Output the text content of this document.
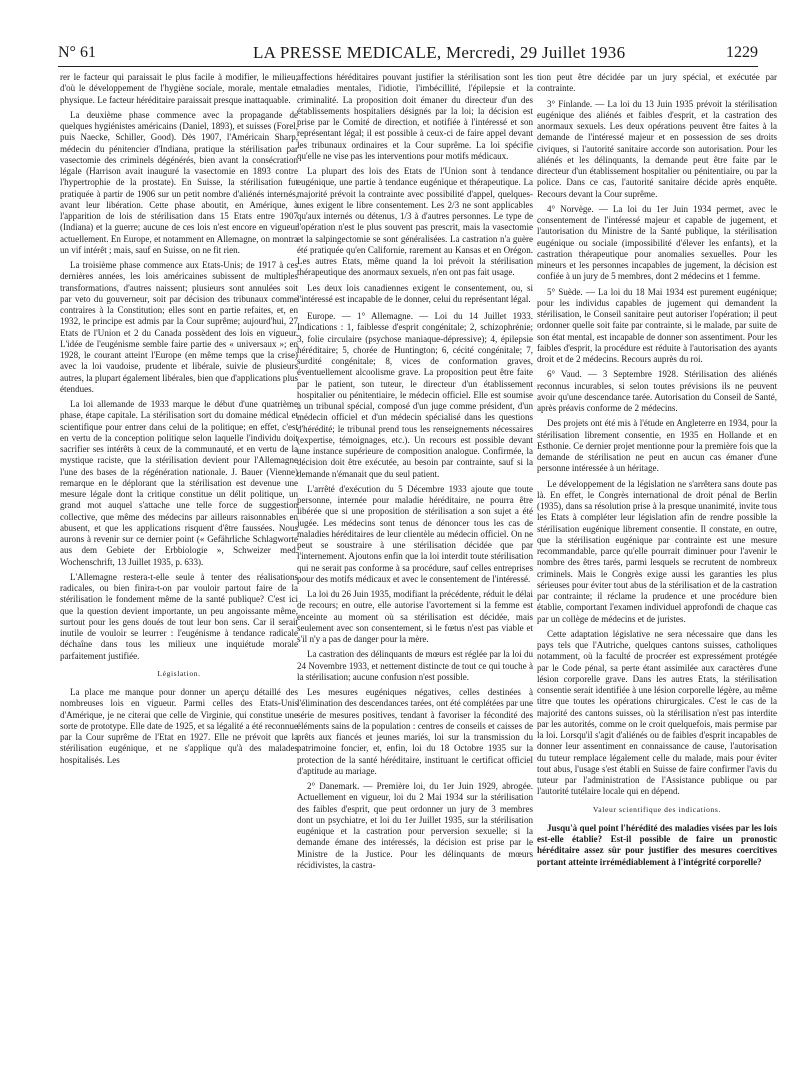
N° 61	LA PRESSE MEDICALE, Mercredi, 29 Juillet 1936	1229

rer le facteur qui paraissait le plus facile à modifier, le milieu; d'où le développement de l'hygiène sociale, morale, mentale et physique. Le facteur héréditaire paraissait presque inattaquable.

La deuxième phase commence avec la propagande de quelques hygiénistes américains (Daniel, 1893), et suisses (Forel, puis Naecke, Schiller, Good). Dès 1907, l'Américain Sharp, médecin du pénitencier d'Indiana, pratique la stérilisation par vasectomie des criminels dégénérés, bien avant la consécration légale (Harrison avait inauguré la vasectomie en 1893 contre l'hypertrophie de la prostate). En Suisse, la stérilisation fut pratiquée à partir de 1906 sur un petit nombre d'aliénés internés, avant leur libération. Cette phase aboutit, en Amérique, à l'apparition de lois de stérilisation dans 15 Etats entre 1907 (Indiana) et la guerre; aucune de ces lois n'est encore en vigueur actuellement. En Europe, et notamment en Allemagne, on montra un vif intérêt ; mais, sauf en Suisse, on ne fit rien.

La troisième phase commence aux Etats-Unis; de 1917 à ces dernières années, les lois américaines subissent de multiples transformations, d'autres naissent; plusieurs sont annulées soit par veto du gouverneur, soit par décision des tribunaux comme contraires à la Constitution; elles sont en partie refaites, et, en 1932, le principe est admis par la Cour suprême; aujourd'hui, 27 Etats de l'Union et 2 du Canada possèdent des lois en vigueur. L'idée de l'eugénisme semble faire partie des « universaux »; en 1928, le courant atteint l'Europe (en même temps que la crise) avec la loi vaudoise, prudente et libérale, suivie de plusieurs autres, la plupart également libérales, bien que d'applications plus étendues.

La loi allemande de 1933 marque le début d'une quatrième phase, étape capitale. La stérilisation sort du domaine médical et scientifique pour entrer dans celui de la politique; en effet, c'est en vertu de la conception politique selon laquelle l'individu doit sacrifier ses intérêts à ceux de la communauté, et en vertu de la mystique raciste, que la stérilisation devient pour l'Allemagne l'une des bases de la régénération nationale. J. Bauer (Vienne) remarque en le déplorant que la stérilisation est devenue une mesure légale dont la critique constitue un délit politique, un grand mot auquel s'attache une telle force de suggestion collective, que même des médecins par ailleurs raisonnables en abusent, et que les applications risquent d'être faussées. Nous aurons à revenir sur ce dernier point (« Gefährliche Schlagworte aus dem Gebiete der Erbbiologie », Schweizer med. Wochenschrift, 13 Juillet 1935, p. 633).

L'Allemagne restera-t-elle seule à tenter des réalisations radicales, ou bien finira-t-on par vouloir partout faire de la stérilisation le fondement même de la santé publique? C'est ici que la question devient importante, un peu angoissante même, surtout pour les gens doués de tout leur bon sens. Car il serait inutile de vouloir se leurrer : l'eugénisme à tendance radicale déchaîne dans tous les milieux une inquiétude morale parfaitement justifiée.

Législation.

La place me manque pour donner un aperçu détaillé des nombreuses lois en vigueur. Parmi celles des Etats-Unis d'Amérique, je ne citerai que celle de Virginie, qui constitue une sorte de prototype. Elle date de 1925, et sa légalité a été reconnue par la Cour suprême de l'Etat en 1927. Elle ne prévoit que la stérilisation eugénique, et ne s'applique qu'à des malades hospitalisés. Les

affections héréditaires pouvant justifier la stérilisation sont les maladies mentales, l'idiotie, l'imbécillité, l'épilepsie et la criminalité. La proposition doit émaner du directeur d'un des établissements hospitaliers désignés par la loi; la décision est prise par le Comité de direction, et notifiée à l'intéressé et son représentant légal; il est possible à ceux-ci de faire appel devant les tribunaux ordinaires et la Cour suprême. La loi spécifie qu'elle ne vise pas les interventions pour motifs médicaux.

La plupart des lois des Etats de l'Union sont à tendance eugénique, une partie à tendance eugénique et thérapeutique. La majorité prévoit la contrainte avec possibilité d'appel, quelques-unes exigent le libre consentement. Les 2/3 ne sont applicables qu'aux internés ou détenus, 1/3 à d'autres personnes. Le type de l'opération n'est le plus souvent pas prescrit, mais la vasectomie et la salpingectomie se sont généralisées. La castration n'a guère été pratiquée qu'en Californie, rarement au Kansas et en Orégon. Les autres Etats, même quand la loi prévoit la stérilisation thérapeutique des anormaux sexuels, n'en ont pas fait usage.

Les deux lois canadiennes exigent le consentement, ou, si l'intéressé est incapable de le donner, celui du représentant légal.

Europe. — 1° Allemagne. — Loi du 14 Juillet 1933. Indications : 1, faiblesse d'esprit congénitale; 2, schizophrénie; 3, folie circulaire (psychose maniaque-dépressive); 4, épilepsie héréditaire; 5, chorée de Huntington; 6, cécité congénitale; 7, surdité congénitale; 8, vices de conformation graves, éventuellement alcoolisme grave. La proposition peut être faite par le patient, son tuteur, le directeur d'un établissement hospitalier ou pénitentiaire, le médecin officiel. Elle est soumise à un tribunal spécial, composé d'un juge comme président, d'un médecin officiel et d'un médecin spécialisé dans les questions d'hérédité; le tribunal prend tous les renseignements nécessaires (expertise, témoignages, etc.). Un recours est possible devant une instance supérieure de composition analogue. Confirmée, la décision doit être exécutée, au besoin par contrainte, sauf si la demande n'émanait que du seul patient.

L'arrêté d'exécution du 5 Décembre 1933 ajoute que toute personne, internée pour maladie héréditaire, ne pourra être libérée que si une proposition de stérilisation a son sujet a été jugée. Les médecins sont tenus de dénoncer tous les cas de maladies héréditaires de leur clientèle au médecin officiel. On ne peut se soustraire à une stérilisation décidée que par l'internement. Ajoutons enfin que la loi interdit toute stérilisation qui ne serait pas conforme à sa procédure, sauf celles entreprises pour des motifs médicaux et avec le consentement de l'intéressé.

La loi du 26 Juin 1935, modifiant la précédente, réduit le délai de recours; en outre, elle autorise l'avortement si la femme est enceinte au moment où sa stérilisation est décidée, mais seulement avec son consentement, si le fœtus n'est pas viable et s'il n'y a pas de danger pour la mère.

La castration des délinquants de mœurs est réglée par la loi du 24 Novembre 1933, et nettement distincte de tout ce qui touche à la stérilisation; aucune confusion n'est possible.

Les mesures eugéniques négatives, celles destinées à l'élimination des descendances tarées, ont été complétées par une série de mesures positives, tendant à favoriser la fécondité des éléments sains de la population : centres de conseils et caisses de prêts aux fiancés et jeunes mariés, loi sur la transmission du patrimoine foncier, et, enfin, loi du 18 Octobre 1935 sur la protection de la santé héréditaire, instituant le certificat officiel d'aptitude au mariage.

2° Danemark. — Première loi, du 1er Juin 1929, abrogée. Actuellement en vigueur, loi du 2 Mai 1934 sur la stérilisation des faibles d'esprit, que peut ordonner un jury de 3 membres dont un psychiatre, et loi du 1er Juillet 1935, sur la stérilisation eugénique et la castration pour perversion sexuelle; si la demande émane des intéressés, la décision est prise par le Ministre de la Justice. Pour les délinquants de mœurs récidivistes, la castra-

tion peut être décidée par un jury spécial, et exécutée par contrainte.

3° Finlande. — La loi du 13 Juin 1935 prévoit la stérilisation eugénique des aliénés et faibles d'esprit, et la castration des anormaux sexuels. Les deux opérations peuvent être faites à la demande de l'intéressé majeur et en possession de ses droits civiques, si l'autorité sanitaire accorde son autorisation. Pour les aliénés et les délinquants, la demande peut être faite par le directeur d'un établissement hospitalier ou pénitentiaire, ou par la police. Dans ce cas, l'autorité sanitaire décide après enquête. Recours devant la Cour suprême.

4° Norvège. — La loi du 1er Juin 1934 permet, avec le consentement de l'intéressé majeur et capable de jugement, et l'autorisation du Ministre de la Santé publique, la stérilisation eugénique ou sociale (impossibilité d'élever les enfants), et la castration thérapeutique pour anomalies sexuelles. Pour les mineurs et les personnes incapables de jugement, la décision est confiée à un jury de 5 membres, dont 2 médecins et 1 femme.

5° Suède. — La loi du 18 Mai 1934 est purement eugénique; pour les individus capables de jugement qui demandent la stérilisation, le Conseil sanitaire peut autoriser l'opération; il peut ordonner quelle soit faite par contrainte, si le malade, par suite de son état mental, est incapable de donner son assentiment. Pour les faibles d'esprit, la procédure est réduite à l'autorisation des ayants droit et de 2 médecins. Recours auprès du roi.

6° Vaud. — 3 Septembre 1928. Stérilisation des aliénés reconnus incurables, si selon toutes prévisions ils ne peuvent avoir qu'une descendance tarée. Autorisation du Conseil de Santé, après préavis conforme de 2 médecins.

Des projets ont été mis à l'étude en Angleterre en 1934, pour la stérilisation librement consentie, en 1935 en Hollande et en Esthonie. Ce dernier projet mentionne pour la première fois que la demande de stérilisation ne peut en aucun cas émaner d'une personne intéressée à un héritage.

Le développement de la législation ne s'arrêtera sans doute pas là. En effet, le Congrès international de droit pénal de Berlin (1935), dans sa résolution prise à la presque unanimité, invite tous les Etats à compléter leur législation afin de rendre possible la stérilisation eugénique librement consentie. Il constate, en outre, que la stérilisation eugénique par contrainte est une mesure recommandable, parce qu'elle pourrait diminuer pour l'avenir le nombre des êtres tarés, parmi lesquels se recrutent de nombreux criminels. Mais le Congrès exige aussi les garanties les plus sérieuses pour éviter tout abus de la stérilisation et de la castration par contrainte; il réclame la prudence et une procédure bien établie, comportant l'examen individuel approfondi de chaque cas par un collège de médecins et de juristes.

Cette adaptation législative ne sera nécessaire que dans les pays tels que l'Autriche, quelques cantons suisses, catholiques notamment, où la faculté de procréer est expressément protégée par le Code pénal, sa perte étant assimilée aux caractères d'une lésion corporelle grave. Dans les autres Etats, la stérilisation consentie serait identifiée à une lésion corporelle légère, au même titre que toutes les opérations chirurgicales. C'est le cas de la majorité des cantons suisses, où la stérilisation n'est pas interdite par les autorités, comme on le croit quelquefois, mais permise par la loi. Lorsqu'il s'agit d'aliénés ou de faibles d'esprit incapables de donner leur assentiment en connaissance de cause, l'autorisation du tuteur remplace légalement celle du malade, mais pour éviter tout abus, l'usage s'est établi en Suisse de faire confirmer l'avis du tuteur par l'administration de l'Assistance publique ou par l'autorité tutélaire locale qui en dépend.

Valeur scientifique des indications.

Jusqu'à quel point l'hérédité des maladies visées par les lois est-elle établie? Est-il possible de faire un pronostic héréditaire assez sûr pour justifier des mesures coercitives portant atteinte irrémédiablement à l'intégrité corporelle?
